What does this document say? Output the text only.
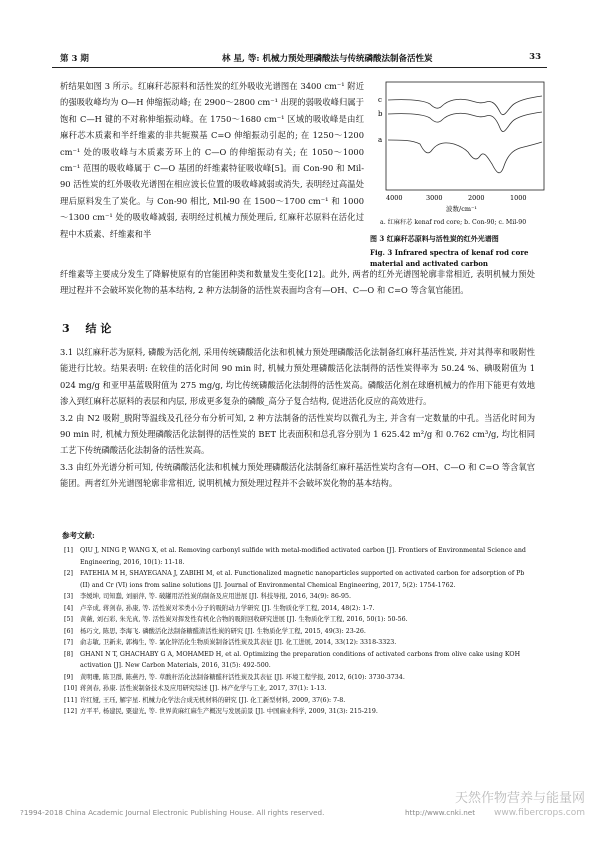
第 3 期	林 星, 等: 机械力预处理磷酸法与传统磷酸法制备活性炭	33

析结果如图 3 所示。红麻秆芯原料和活性炭的红外吸收光谱图在 3400 cm⁻¹ 附近的强吸收峰均为 O—H 伸缩振动峰; 在 2900～2800 cm⁻¹ 出现的弱吸收峰归属于饱和 C—H 键的不对称伸缩振动峰。在 1750～1680 cm⁻¹ 区域的吸收峰是由红麻秆芯木质素和半纤维素的非共轭羰基 C=O 伸缩振动引起的; 在 1250～1200 cm⁻¹ 处的吸收峰与木质素芳环上的 C—O 的伸缩振动有关; 在 1050～1000 cm⁻¹ 范围的吸收峰属于 C—O 基团的纤维素特征吸收峰[5]。而 Con-90 和 Mil-90 活性炭的红外吸收光谱图在相应波长位置的吸收峰减弱或消失, 表明经过高温处理后原料发生了炭化。与 Con-90 相比, Mil-90 在 1500～1700 cm⁻¹ 和 1000～1300 cm⁻¹ 处的吸收峰减弱, 表明经过机械力预处理后, 红麻秆芯原料在活化过程中木质素、纤维素和半

c
b
a
4000	3000	2000	1000
波数/cm⁻¹
a. 红麻秆芯 kenaf rod core; b. Con-90; c. Mil-90
图 3 红麻秆芯原料与活性炭的红外光谱图
Fig. 3 Infrared spectra of kenaf rod core material and activated carbon

纤维素等主要成分发生了降解使原有的官能团种类和数量发生变化[12]。此外, 两者的红外光谱图轮廓非常相近, 表明机械力预处理过程并不会破坏炭化物的基本结构, 2 种方法制备的活性炭表面均含有—OH、C—O 和 C=O 等含氧官能团。

3 结 论

3.1 以红麻秆芯为原料, 磷酸为活化剂, 采用传统磷酸活化法和机械力预处理磷酸活化法制备红麻秆基活性炭, 并对其得率和吸附性能进行比较。结果表明: 在较佳的活化时间 90 min 时, 机械力预处理磷酸活化法制得的活性炭得率为 50.24 %、碘吸附值为 1 024 mg/g 和亚甲基蓝吸附值为 275 mg/g, 均比传统磷酸活化法制得的活性炭高。磷酸活化剂在球磨机械力的作用下能更有效地渗入到红麻秆芯原料的表层和内层, 形成更多复杂的磷酸_高分子复合结构, 促进活化反应的高效进行。

3.2 由 N2 吸附_脱附等温线及孔径分布分析可知, 2 种方法制备的活性炭均以微孔为主, 并含有一定数量的中孔。当活化时间为 90 min 时, 机械力预处理磷酸活化法制得的活性炭的 BET 比表面积和总孔容分别为 1 625.42 m²/g 和 0.762 cm³/g, 均比相同工艺下传统磷酸活化法制备的活性炭高。

3.3 由红外光谱分析可知, 传统磷酸活化法和机械力预处理磷酸活化法制备红麻秆基活性炭均含有—OH、C—O 和 C=O 等含氧官能团。两者红外光谱图轮廓非常相近, 说明机械力预处理过程并不会破坏炭化物的基本结构。

参考文献:
[1]	QIU J, NING P, WANG X, et al. Removing carbonyl sulfide with metal-modified activated carbon [J]. Frontiers of Environmental Science and Engineering, 2016, 10(1): 11-18.
[2]	FATEHIA M H, SHAYEGANA J, ZABIHI M, et al. Functionalized magnetic nanoparticles supported on activated carbon for adsorption of Pb (II) and Cr (VI) ions from saline solutions [J]. Journal of Environmental Chemical Engineering, 2017, 5(2): 1754-1762.
[3]	李媛坤, 司知蠢, 刘丽萍, 等. 破罐用活性炭的制备及应用进展 [J]. 科技导报, 2016, 34(9): 86-95.
[4]	卢辛成, 蒋剑春, 孙康, 等. 活性炭对苯类小分子的吸附动力学研究 [J]. 生物质化学工程, 2014, 48(2): 1-7.
[5]	黄薇, 刘石彩, 朱光真, 等. 活性炭对挥发性有机化合物的吸附回收研究进展 [J]. 生物质化学工程, 2016, 50(1): 50-56.
[6]	杨巧文, 陈思, 李海飞. 磷酸活化法制备糖醛渣活性炭的研究 [J]. 生物质化学工程, 2015, 49(3): 23-26.
[7]	俞志敏, 卫新来, 郭梅生, 等. 氯化锌活化生物质炭制备活性炭及其表征 [J]. 化工进展, 2014, 33(12): 3318-3323.
[8]	GHANI N T, GHACHABY G A, MOHAMED H, et al. Optimizing the preparation conditions of activated carbons from olive cake using KOH activation [J]. New Carbon Materials, 2016, 31(5): 492-500.
[9]	黄明珊, 陈卫群, 陈燕丹, 等. 草酸秆活化法制备糖醛秆活性炭及其表征 [J]. 环境工程学报, 2012, 6(10): 3730-3734.
[10] 蒋剑春, 孙康. 活性炭制备技术及应用研究综述 [J]. 林产化学与工业, 2017, 37(1): 1-13.
[11] 许红娅, 王珏, 解宇星. 机械力化学法合成无机材料的研究 [J]. 化工新型材料, 2009, 37(6): 7-8.
[12] 方平平, 杨建民, 粟建光, 等. 世界黄麻红麻生产概况与发展前景 [J]. 中国麻业科学, 2009, 31(3): 215-219.
天然作物营养与能量网
www.fibercrops.com
?1994-2018 China Academic Journal Electronic Publishing House. All rights reserved.	http://www.cnki.net
